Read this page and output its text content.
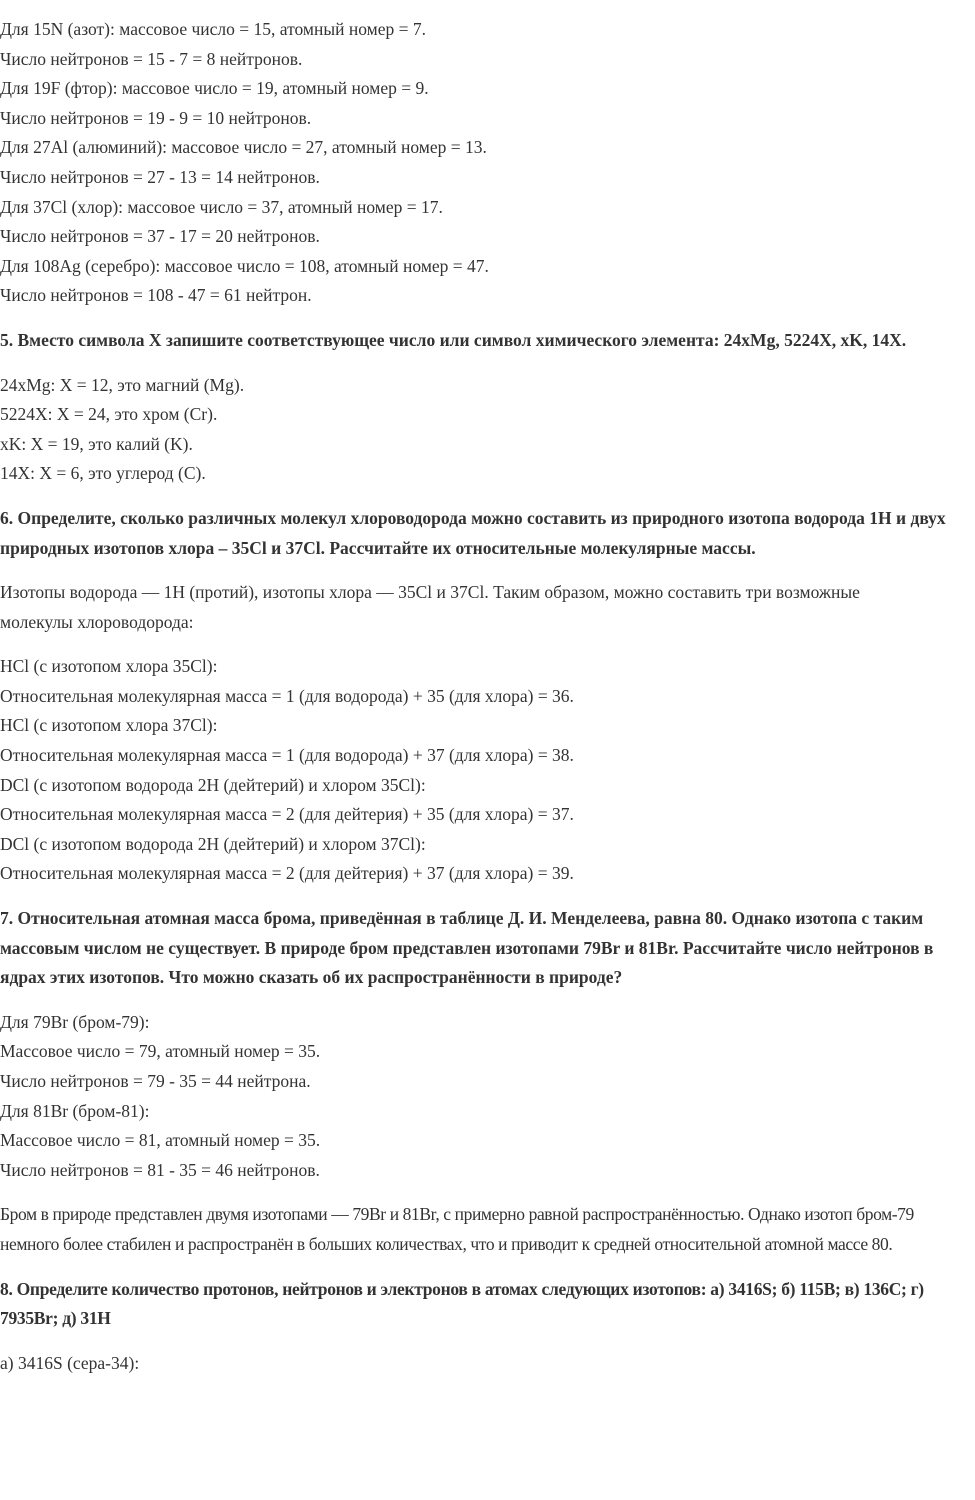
Для 15N (азот): массовое число = 15, атомный номер = 7.
Число нейтронов = 15 - 7 = 8 нейтронов.
Для 19F (фтор): массовое число = 19, атомный номер = 9.
Число нейтронов = 19 - 9 = 10 нейтронов.
Для 27Al (алюминий): массовое число = 27, атомный номер = 13.
Число нейтронов = 27 - 13 = 14 нейтронов.
Для 37Cl (хлор): массовое число = 37, атомный номер = 17.
Число нейтронов = 37 - 17 = 20 нейтронов.
Для 108Ag (серебро): массовое число = 108, атомный номер = 47.
Число нейтронов = 108 - 47 = 61 нейтрон.
5. Вместо символа X запишите соответствующее число или символ химического элемента: 24xMg, 5224X, xK, 14X.
24xMg: X = 12, это магний (Mg).
5224X: X = 24, это хром (Cr).
xK: X = 19, это калий (K).
14X: X = 6, это углерод (C).
6. Определите, сколько различных молекул хлороводорода можно составить из природного изотопа водорода 1H и двух природных изотопов хлора – 35Cl и 37Cl. Рассчитайте их относительные молекулярные массы.
Изотопы водорода — 1H (протий), изотопы хлора — 35Cl и 37Cl. Таким образом, можно составить три возможные молекулы хлороводорода:
HCl (с изотопом хлора 35Cl):
Относительная молекулярная масса = 1 (для водорода) + 35 (для хлора) = 36.
HCl (с изотопом хлора 37Cl):
Относительная молекулярная масса = 1 (для водорода) + 37 (для хлора) = 38.
DCl (с изотопом водорода 2H (дейтерий) и хлором 35Cl):
Относительная молекулярная масса = 2 (для дейтерия) + 35 (для хлора) = 37.
DCl (с изотопом водорода 2H (дейтерий) и хлором 37Cl):
Относительная молекулярная масса = 2 (для дейтерия) + 37 (для хлора) = 39.
7. Относительная атомная масса брома, приведённая в таблице Д. И. Менделеева, равна 80. Однако изотопа с таким массовым числом не существует. В природе бром представлен изотопами 79Br и 81Br. Рассчитайте число нейтронов в ядрах этих изотопов. Что можно сказать об их распространённости в природе?
Для 79Br (бром-79):
Массовое число = 79, атомный номер = 35.
Число нейтронов = 79 - 35 = 44 нейтрона.
Для 81Br (бром-81):
Массовое число = 81, атомный номер = 35.
Число нейтронов = 81 - 35 = 46 нейтронов.
Бром в природе представлен двумя изотопами — 79Br и 81Br, с примерно равной распространённостью. Однако изотоп бром-79 немного более стабилен и распространён в больших количествах, что и приводит к средней относительной атомной массе 80.
8. Определите количество протонов, нейтронов и электронов в атомах следующих изотопов: а) 3416S; б) 115B; в) 136C; г) 7935Br; д) 31H
а) 3416S (сера-34):
